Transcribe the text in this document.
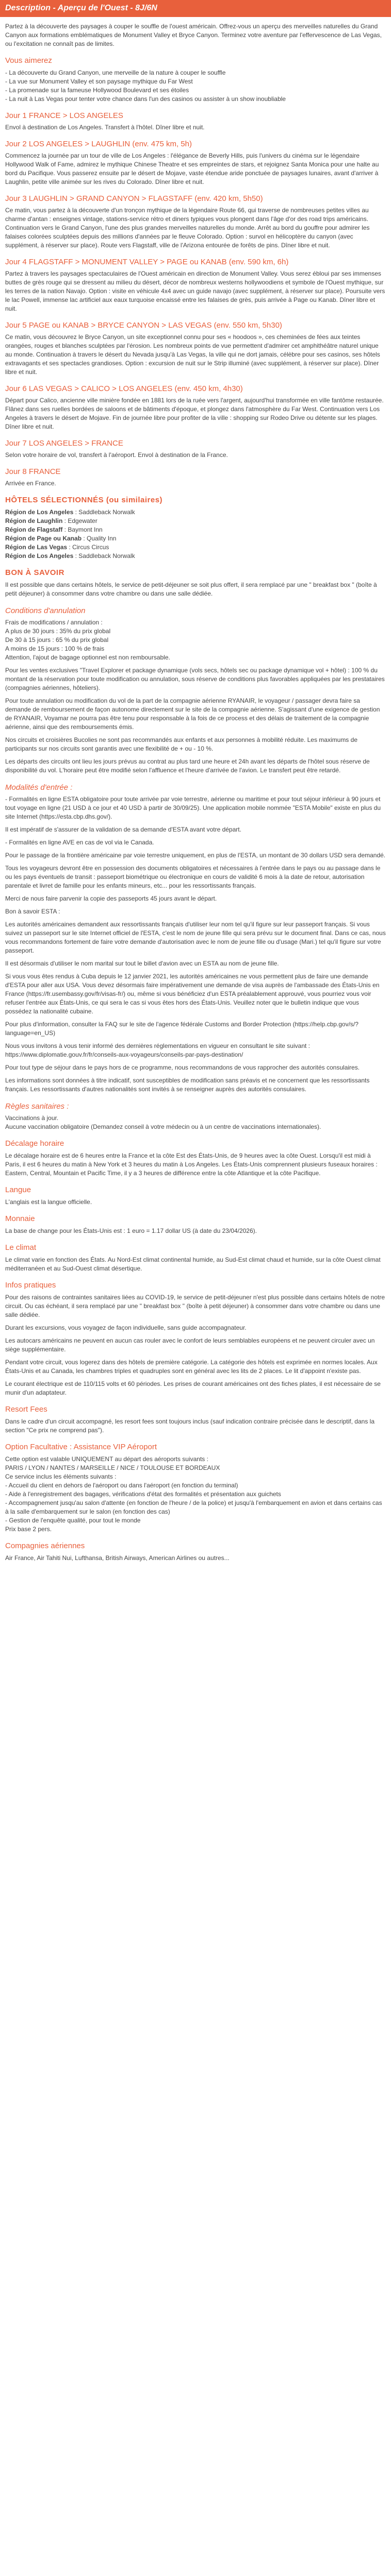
Description - Aperçu de l'Ouest - 8J/6N

Partez à la découverte des paysages à couper le souffle de l'ouest américain. Offrez-vous un aperçu des merveilles naturelles du Grand Canyon aux formations emblématiques de Monument Valley et Bryce Canyon. Terminez votre aventure par l'effervescence de Las Vegas, ou l'excitation ne connaît pas de limites.

Vous aimerez
- La découverte du Grand Canyon, une merveille de la nature à couper le souffle
- La vue sur Monument Valley et son paysage mythique du Far West
- La promenade sur la fameuse Hollywood Boulevard et ses étoiles
- La nuit à Las Vegas pour tenter votre chance dans l'un des casinos ou assister à un show inoubliable
Jour 1 FRANCE > LOS ANGELES

Envol à destination de Los Angeles. Transfert à l'hôtel. Dîner libre et nuit.

Jour 2 LOS ANGELES > LAUGHLIN (env. 475 km, 5h)

Commencez la journée par un tour de ville de Los Angeles : l'élégance de Beverly Hills, puis l'univers du cinéma sur le légendaire Hollywood Walk of Fame, admirez le mythique Chinese Theatre et ses empreintes de stars, et rejoignez Santa Monica pour une halte au bord du Pacifique. Vous passerez ensuite par le désert de Mojave, vaste étendue aride ponctuée de paysages lunaires, avant d'arriver à Laughlin, petite ville animée sur les rives du Colorado. Dîner libre et nuit.

Jour 3 LAUGHLIN > GRAND CANYON > FLAGSTAFF (env. 420 km, 5h50)

Ce matin, vous partez à la découverte d'un tronçon mythique de la légendaire Route 66, qui traverse de nombreuses petites villes au charme d'antan : enseignes vintage, stations-service rétro et diners typiques vous plongent dans l'âge d'or des road trips américains. Continuation vers le Grand Canyon, l'une des plus grandes merveilles naturelles du monde. Arrêt au bord du gouffre pour admirer les falaises colorées sculptées depuis des millions d'années par le fleuve Colorado. Option : survol en hélicoptère du canyon (avec supplément, à réserver sur place). Route vers Flagstaff, ville de l'Arizona entourée de forêts de pins. Dîner libre et nuit.

Jour 4 FLAGSTAFF > MONUMENT VALLEY > PAGE ou KANAB (env. 590 km, 6h)

Partez à travers les paysages spectaculaires de l'Ouest américain en direction de Monument Valley. Vous serez ébloui par ses immenses buttes de grès rouge qui se dressent au milieu du désert, décor de nombreux westerns hollywoodiens et symbole de l'Ouest mythique, sur les terres de la nation Navajo. Option : visite en véhicule 4x4 avec un guide navajo (avec supplément, à réserver sur place). Poursuite vers le lac Powell, immense lac artificiel aux eaux turquoise encaissé entre les falaises de grès, puis arrivée à Page ou Kanab. Dîner libre et nuit.

Jour 5 PAGE ou KANAB > BRYCE CANYON > LAS VEGAS (env. 550 km, 5h30)

Ce matin, vous découvrez le Bryce Canyon, un site exceptionnel connu pour ses « hoodoos », ces cheminées de fées aux teintes orangées, rouges et blanches sculptées par l'érosion. Les nombreux points de vue permettent d'admirer cet amphithéâtre naturel unique au monde. Continuation à travers le désert du Nevada jusqu'à Las Vegas, la ville qui ne dort jamais, célèbre pour ses casinos, ses hôtels extravagants et ses spectacles grandioses. Option : excursion de nuit sur le Strip illuminé (avec supplément, à réserver sur place). Dîner libre et nuit.

Jour 6 LAS VEGAS > CALICO > LOS ANGELES (env. 450 km, 4h30)

Départ pour Calico, ancienne ville minière fondée en 1881 lors de la ruée vers l'argent, aujourd'hui transformée en ville fantôme restaurée. Flânez dans ses ruelles bordées de saloons et de bâtiments d'époque, et plongez dans l'atmosphère du Far West. Continuation vers Los Angeles à travers le désert de Mojave. Fin de journée libre pour profiter de la ville : shopping sur Rodeo Drive ou détente sur les plages. Dîner libre et nuit.

Jour 7 LOS ANGELES > FRANCE

Selon votre horaire de vol, transfert à l'aéroport. Envol à destination de la France.

Jour 8 FRANCE

Arrivée en France.

HÔTELS SÉLECTIONNÉS (ou similaires)
Région de Los Angeles : Saddleback Norwalk
Région de Laughlin : Edgewater
Région de Flagstaff : Baymont Inn
Région de Page ou Kanab : Quality Inn
Région de Las Vegas : Circus Circus
Région de Los Angeles : Saddleback Norwalk
BON À SAVOIR

Il est possible que dans certains hôtels, le service de petit-déjeuner se soit plus offert, il sera remplacé par une " breakfast box " (boîte à petit déjeuner) à consommer dans votre chambre ou dans une salle dédiée.

Conditions d'annulation
Frais de modifications / annulation :
A plus de 30 jours : 35% du prix global
De 30 à 15 jours : 65 % du prix global
A moins de 15 jours : 100 % de frais
Attention, l'ajout de bagage optionnel est non remboursable.

Pour les ventes exclusives "Travel Explorer et package dynamique (vols secs, hôtels sec ou package dynamique vol + hôtel) : 100 % du montant de la réservation pour toute modification ou annulation, sous réserve de conditions plus favorables appliquées par les prestataires (compagnies aériennes, hôteliers).

Pour toute annulation ou modification du vol de la part de la compagnie aérienne RYANAIR, le voyageur / passager devra faire sa demande de remboursement de façon autonome directement sur le site de la compagnie aérienne. S'agissant d'une exigence de gestion de RYANAIR, Voyamar ne pourra pas être tenu pour responsable à la fois de ce process et des délais de traitement de la compagnie aérienne, ainsi que des remboursements émis.

Nos circuits et croisières Bucolies ne sont pas recommandés aux enfants et aux personnes à mobilité réduite. Les maximums de participants sur nos circuits sont garantis avec une flexibilité de + ou - 10 %.

Les départs des circuits ont lieu les jours prévus au contrat au plus tard une heure et 24h avant les départs de l'hôtel sous réserve de disponibilité du vol. L'horaire peut être modifié selon l'affluence et l'heure d'arrivée de l'avion. Le transfert peut être retardé.

Modalités d'entrée :

- Formalités en ligne ESTA obligatoire pour toute arrivée par voie terrestre, aérienne ou maritime et pour tout séjour inférieur à 90 jours et tout voyage en ligne (21 USD à ce jour et 40 USD à partir de 30/09/25). Une application mobile nommée "ESTA Mobile" existe en plus du site Internet (https://esta.cbp.dhs.gov/).

Il est impératif de s'assurer de la validation de sa demande d'ESTA avant votre départ.

- Formalités en ligne AVE en cas de vol via le Canada.

Pour le passage de la frontière américaine par voie terrestre uniquement, en plus de l'ESTA, un montant de 30 dollars USD sera demandé.

Tous les voyageurs devront être en possession des documents obligatoires et nécessaires à l'entrée dans le pays ou au passage dans le ou les pays éventuels de transit : passeport biométrique ou électronique en cours de validité 6 mois à la date de retour, autorisation parentale et livret de famille pour les enfants mineurs, etc... pour les ressortissants français.

Merci de nous faire parvenir la copie des passeports 45 jours avant le départ.

Bon à savoir ESTA :

Les autorités américaines demandent aux ressortissants français d'utiliser leur nom tel qu'il figure sur leur passeport français. Si vous suivez un passeport sur le site Internet officiel de l'ESTA, c'est le nom de jeune fille qui sera prévu sur le document final. Dans ce cas, nous vous recommandons fortement de faire votre demande d'autorisation avec le nom de jeune fille ou d'usage (Mari.) tel qu'il figure sur votre passeport.

Il est désormais d'utiliser le nom marital sur tout le billet d'avion avec un ESTA au nom de jeune fille.

Si vous vous êtes rendus à Cuba depuis le 12 janvier 2021, les autorités américaines ne vous permettent plus de faire une demande d'ESTA pour aller aux USA. Vous devez désormais faire impérativement une demande de visa auprès de l'ambassade des États-Unis en France (https://fr.usembassy.gov/fr/visas-fr/) ou, même si vous bénéficiez d'un ESTA préalablement approuvé, vous pourriez vous voir refuser l'entrée aux États-Unis, ce qui sera le cas si vous êtes hors des États-Unis. Veuillez noter que le bulletin indique que vous possédez la nationalité cubaine.

Pour plus d'information, consulter la FAQ sur le site de l'agence fédérale Customs and Border Protection (https://help.cbp.gov/s/?language=en_US)

Nous vous invitons à vous tenir informé des dernières réglementations en vigueur en consultant le site suivant : https://www.diplomatie.gouv.fr/fr/conseils-aux-voyageurs/conseils-par-pays-destination/

Pour tout type de séjour dans le pays hors de ce programme, nous recommandons de vous rapprocher des autorités consulaires.

Les informations sont données à titre indicatif, sont susceptibles de modification sans préavis et ne concernent que les ressortissants français. Les ressortissants d'autres nationalités sont invités à se renseigner auprès des autorités consulaires.

Règles sanitaires :
Vaccinations à jour.

Aucune vaccination obligatoire (Demandez conseil à votre médecin ou à un centre de vaccinations internationales).

Décalage horaire

Le décalage horaire est de 6 heures entre la France et la côte Est des États-Unis, de 9 heures avec la côte Ouest. Lorsqu'il est midi à Paris, il est 6 heures du matin à New York et 3 heures du matin à Los Angeles. Les États-Unis comprennent plusieurs fuseaux horaires : Eastern, Central, Mountain et Pacific Time, il y a 3 heures de différence entre la côte Atlantique et la côte Pacifique.

Langue

L'anglais est la langue officielle.

Monnaie

La base de change pour les États-Unis est : 1 euro = 1.17 dollar US (à date du 23/04/2026).

Le climat

Le climat varie en fonction des États. Au Nord-Est climat continental humide, au Sud-Est climat chaud et humide, sur la côte Ouest climat méditerranéen et au Sud-Ouest climat désertique.

Infos pratiques

Pour des raisons de contraintes sanitaires liées au COVID-19, le service de petit-déjeuner n'est plus possible dans certains hôtels de notre circuit. Ou cas échéant, il sera remplacé par une " breakfast box " (boîte à petit déjeuner) à consommer dans votre chambre ou dans une salle dédiée.

Durant les excursions, vous voyagez de façon individuelle, sans guide accompagnateur.

Les autocars américains ne peuvent en aucun cas rouler avec le confort de leurs semblables européens et ne peuvent circuler avec un siège supplémentaire.

Pendant votre circuit, vous logerez dans des hôtels de première catégorie. La catégorie des hôtels est exprimée en normes locales. Aux États-Unis et au Canada, les chambres triples et quadruples sont en général avec les lits de 2 places. Le lit d'appoint n'existe pas.

Le courant électrique est de 110/115 volts et 60 périodes. Les prises de courant américaines ont des fiches plates, il est nécessaire de se munir d'un adaptateur.

Resort Fees

Dans le cadre d'un circuit accompagné, les resort fees sont toujours inclus (sauf indication contraire précisée dans le descriptif, dans la section "Ce prix ne comprend pas").

Option Facultative : Assistance VIP Aéroport
Cette option est valable UNIQUEMENT au départ des aéroports suivants :
PARIS / LYON / NANTES / MARSEILLE / NICE / TOULOUSE ET BORDEAUX
Ce service inclus les éléments suivants :
- Accueil du client en dehors de l'aéroport ou dans l'aéroport (en fonction du terminal)
- Aide à l'enregistrement des bagages, vérifications d'état des formalités et présentation aux guichets
- Accompagnement jusqu'au salon d'attente (en fonction de l'heure / de la police) et jusqu'à l'embarquement en avion et dans certains cas à la salle d'embarquement sur le salon (en fonction des cas)
- Gestion de l'enquête qualité, pour tout le monde

Prix base 2 pers.

Compagnies aériennes

Air France, Air Tahiti Nui, Lufthansa, British Airways, American Airlines ou autres...
